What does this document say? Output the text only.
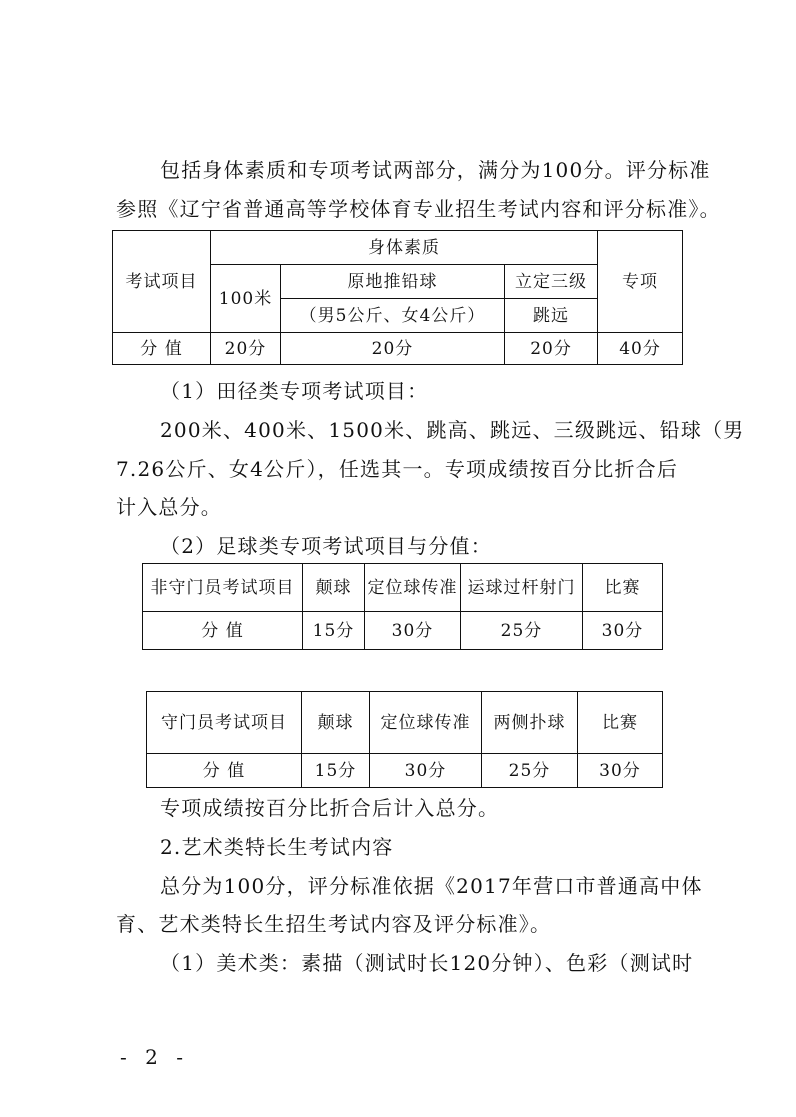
包括身体素质和专项考试两部分，满分为100分。评分标准
参照《辽宁省普通高等学校体育专业招生考试内容和评分标准》。
考试项目	身体素质			专项
	100米	原地推铅球	立定三级	
		（男5公斤、女4公斤）	跳远	
分 值	20分	20分	20分	40分
（1）田径类专项考试项目：
200米、400米、1500米、跳高、跳远、三级跳远、铅球（男
7.26公斤、女4公斤），任选其一。专项成绩按百分比折合后
计入总分。
（2）足球类专项考试项目与分值：
非守门员考试项目	颠球	定位球传准	运球过杆射门	比赛
分 值	15分	30分	25分	30分
守门员考试项目	颠球	定位球传准	两侧扑球	比赛
分 值	15分	30分	25分	30分
专项成绩按百分比折合后计入总分。
2.艺术类特长生考试内容
总分为100分，评分标准依据《2017年营口市普通高中体
育、艺术类特长生招生考试内容及评分标准》。
（1）美术类：素描（测试时长120分钟）、色彩（测试时
- 2 -
